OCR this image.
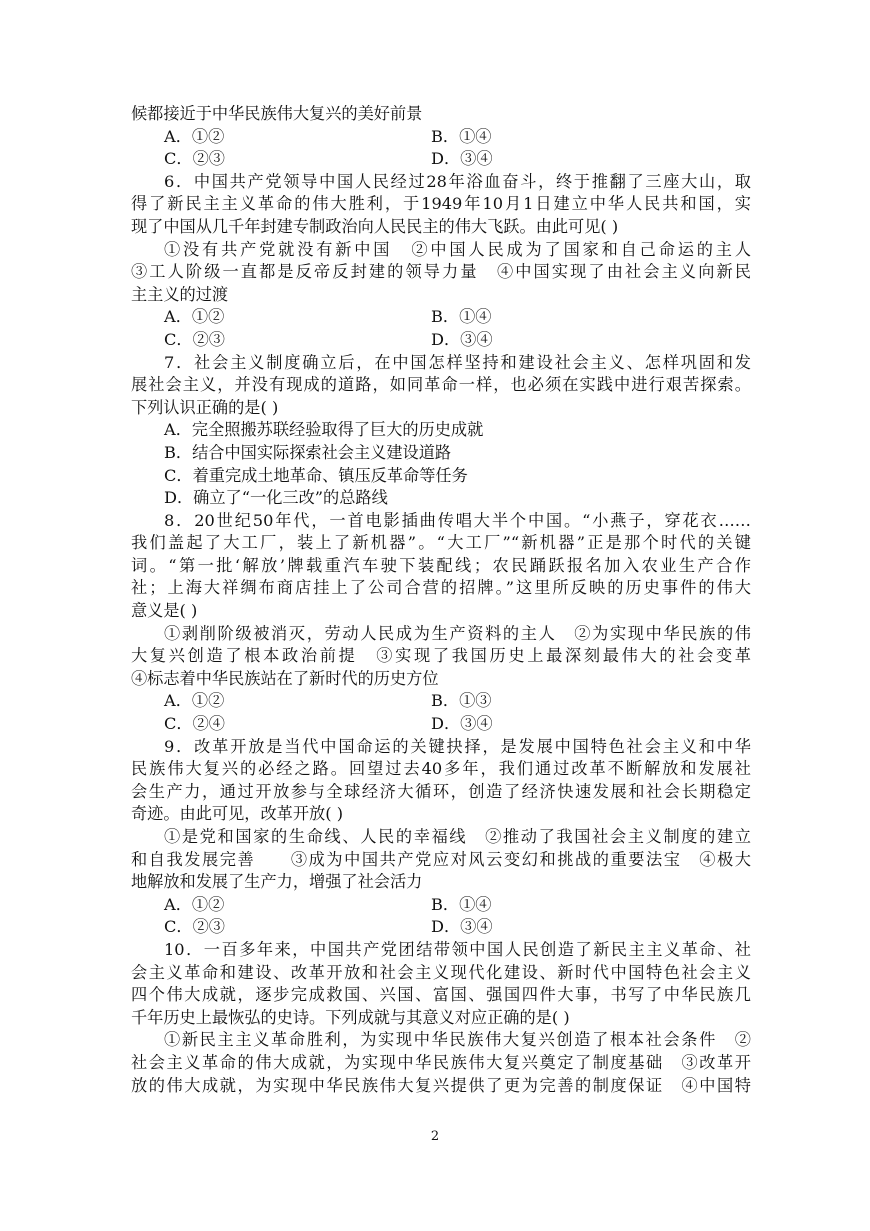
候都接近于中华民族伟大复兴的美好前景
A．①②	B．①④
C．②③	D．③④
6．中国共产党领导中国人民经过28年浴血奋斗，终于推翻了三座大山，取
得了新民主主义革命的伟大胜利，于1949年10月1日建立中华人民共和国，实
现了中国从几千年封建专制政治向人民民主的伟大飞跃。由此可见( )
①没有共产党就没有新中国　②中国人民成为了国家和自己命运的主人
③工人阶级一直都是反帝反封建的领导力量　④中国实现了由社会主义向新民
主主义的过渡
A．①②	B．①④
C．②③	D．③④
7．社会主义制度确立后，在中国怎样坚持和建设社会主义、怎样巩固和发
展社会主义，并没有现成的道路，如同革命一样，也必须在实践中进行艰苦探索。
下列认识正确的是( )
A．完全照搬苏联经验取得了巨大的历史成就
B．结合中国实际探索社会主义建设道路
C．着重完成土地革命、镇压反革命等任务
D．确立了“一化三改”的总路线
8．20世纪50年代，一首电影插曲传唱大半个中国。“小燕子，穿花衣……
我们盖起了大工厂，装上了新机器”。“大工厂”“新机器”正是那个时代的关键
词。“第一批‘解放’牌载重汽车驶下装配线；农民踊跃报名加入农业生产合作
社；上海大祥绸布商店挂上了公司合营的招牌。”这里所反映的历史事件的伟大
意义是( )
①剥削阶级被消灭，劳动人民成为生产资料的主人　②为实现中华民族的伟
大复兴创造了根本政治前提　③实现了我国历史上最深刻最伟大的社会变革
④标志着中华民族站在了新时代的历史方位
A．①②	B．①③
C．②④	D．③④
9．改革开放是当代中国命运的关键抉择，是发展中国特色社会主义和中华
民族伟大复兴的必经之路。回望过去40多年，我们通过改革不断解放和发展社
会生产力，通过开放参与全球经济大循环，创造了经济快速发展和社会长期稳定
奇迹。由此可见，改革开放( )
①是党和国家的生命线、人民的幸福线　②推动了我国社会主义制度的建立
和自我发展完善　　③成为中国共产党应对风云变幻和挑战的重要法宝　④极大
地解放和发展了生产力，增强了社会活力
A．①②	B．①④
C．②③	D．③④
10．一百多年来，中国共产党团结带领中国人民创造了新民主主义革命、社
会主义革命和建设、改革开放和社会主义现代化建设、新时代中国特色社会主义
四个伟大成就，逐步完成救国、兴国、富国、强国四件大事，书写了中华民族几
千年历史上最恢弘的史诗。下列成就与其意义对应正确的是( )
①新民主主义革命胜利，为实现中华民族伟大复兴创造了根本社会条件　②
社会主义革命的伟大成就，为实现中华民族伟大复兴奠定了制度基础　③改革开
放的伟大成就，为实现中华民族伟大复兴提供了更为完善的制度保证　④中国特
2
